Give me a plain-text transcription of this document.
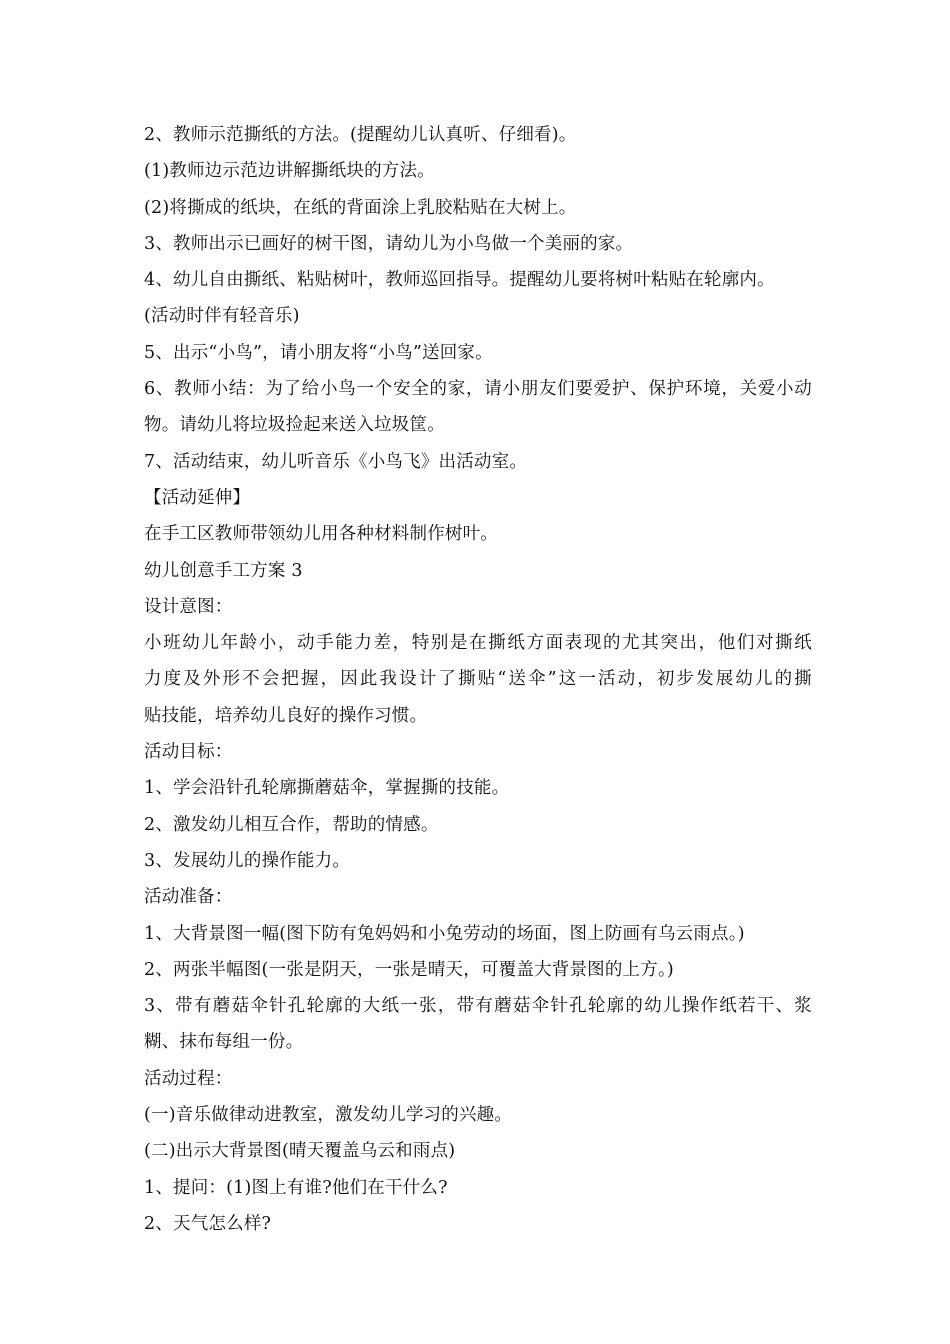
2、教师示范撕纸的方法。(提醒幼儿认真听、仔细看)。
(1)教师边示范边讲解撕纸块的方法。
(2)将撕成的纸块，在纸的背面涂上乳胶粘贴在大树上。
3、教师出示已画好的树干图，请幼儿为小鸟做一个美丽的家。
4、幼儿自由撕纸、粘贴树叶，教师巡回指导。提醒幼儿要将树叶粘贴在轮廓内。
(活动时伴有轻音乐)
5、出示“小鸟”，请小朋友将“小鸟”送回家。
6、教师小结：为了给小鸟一个安全的家，请小朋友们要爱护、保护环境，关爱小动
物。请幼儿将垃圾捡起来送入垃圾筐。
7、活动结束，幼儿听音乐《小鸟飞》出活动室。
【活动延伸】
在手工区教师带领幼儿用各种材料制作树叶。
幼儿创意手工方案 3
设计意图：
小班幼儿年龄小，动手能力差，特别是在撕纸方面表现的尤其突出，他们对撕纸
力度及外形不会把握，因此我设计了撕贴“送伞”这一活动，初步发展幼儿的撕
贴技能，培养幼儿良好的操作习惯。
活动目标：
1、学会沿针孔轮廓撕蘑菇伞，掌握撕的技能。
2、激发幼儿相互合作，帮助的情感。
3、发展幼儿的操作能力。
活动准备：
1、大背景图一幅(图下防有兔妈妈和小兔劳动的场面，图上防画有乌云雨点。)
2、两张半幅图(一张是阴天，一张是晴天，可覆盖大背景图的上方。)
3、带有蘑菇伞针孔轮廓的大纸一张，带有蘑菇伞针孔轮廓的幼儿操作纸若干、浆
糊、抹布每组一份。
活动过程：
(一)音乐做律动进教室，激发幼儿学习的兴趣。
(二)出示大背景图(晴天覆盖乌云和雨点)
1、提问：(1)图上有谁?他们在干什么?
2、天气怎么样?
